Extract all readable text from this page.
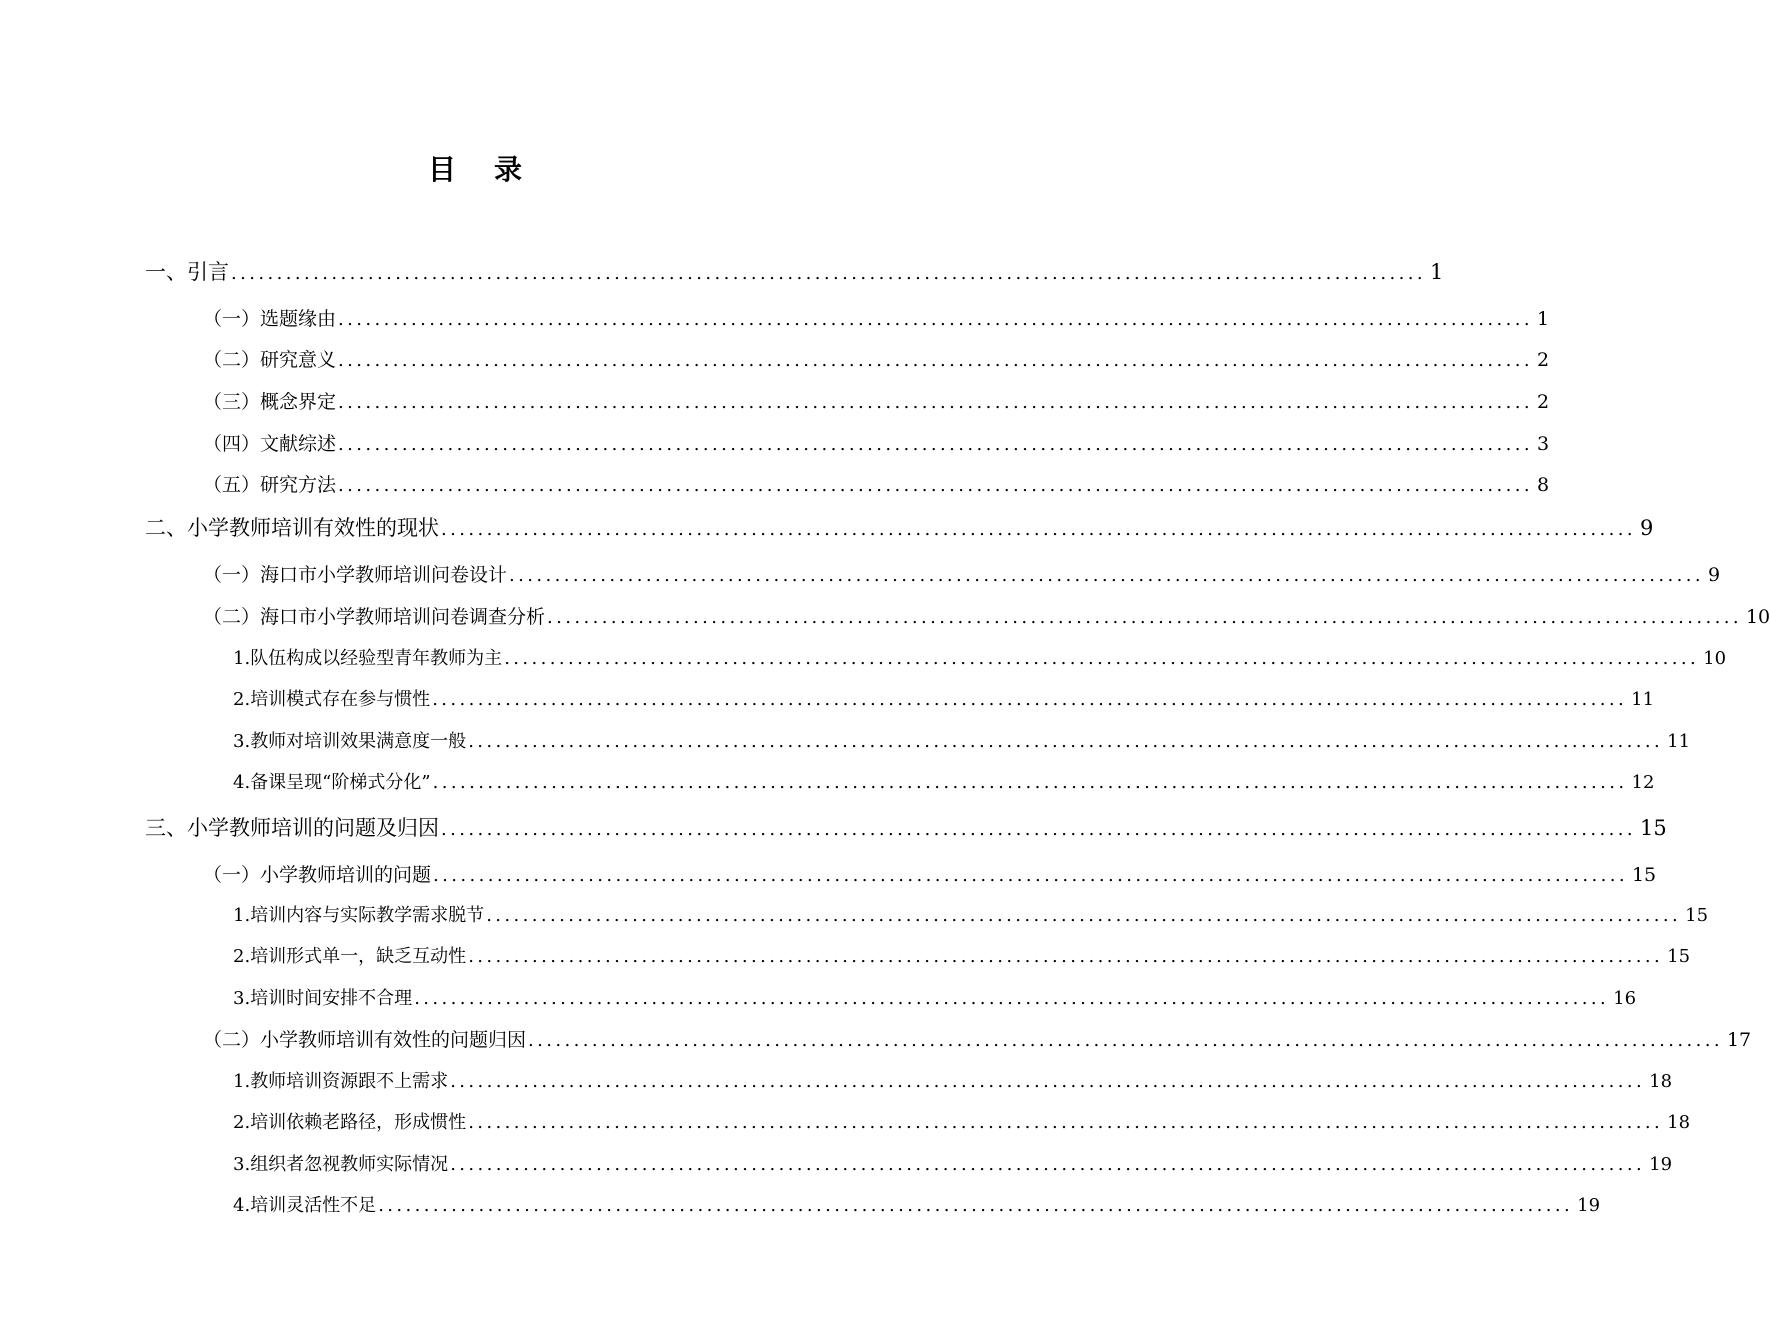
目 录
一、 引言 ................................................................................................................................... 1
（一）选题缘由 ................................................................................................................................... 1
（二）研究意义 ................................................................................................................................... 2
（三）概念界定 ................................................................................................................................... 2
（四）文献综述 ................................................................................................................................... 3
（五）研究方法 ................................................................................................................................... 8
二、 小学教师培训有效性的现状 ................................................................................................................................... 9
（一）海口市小学教师培训问卷设计 ................................................................................................................................... 9
（二）海口市小学教师培训问卷调查分析 ................................................................................................................................... 10
1. 队伍构成以经验型青年教师为主 ................................................................................................................................... 10
2. 培训模式存在参与惯性 ................................................................................................................................... 11
3. 教师对培训效果满意度一般 ................................................................................................................................... 11
4. 备课呈现“阶梯式分化” ................................................................................................................................... 12
三、 小学教师培训的问题及归因 ................................................................................................................................... 15
（一）小学教师培训的问题 ................................................................................................................................... 15
1. 培训内容与实际教学需求脱节 ................................................................................................................................... 15
2. 培训形式单一，缺乏互动性 ................................................................................................................................... 15
3. 培训时间安排不合理 ................................................................................................................................... 16
（二）小学教师培训有效性的问题归因 ................................................................................................................................... 17
1. 教师培训资源跟不上需求 ................................................................................................................................... 18
2. 培训依赖老路径，形成惯性 ................................................................................................................................... 18
3. 组织者忽视教师实际情况 ................................................................................................................................... 19
4. 培训灵活性不足 ................................................................................................................................... 19
